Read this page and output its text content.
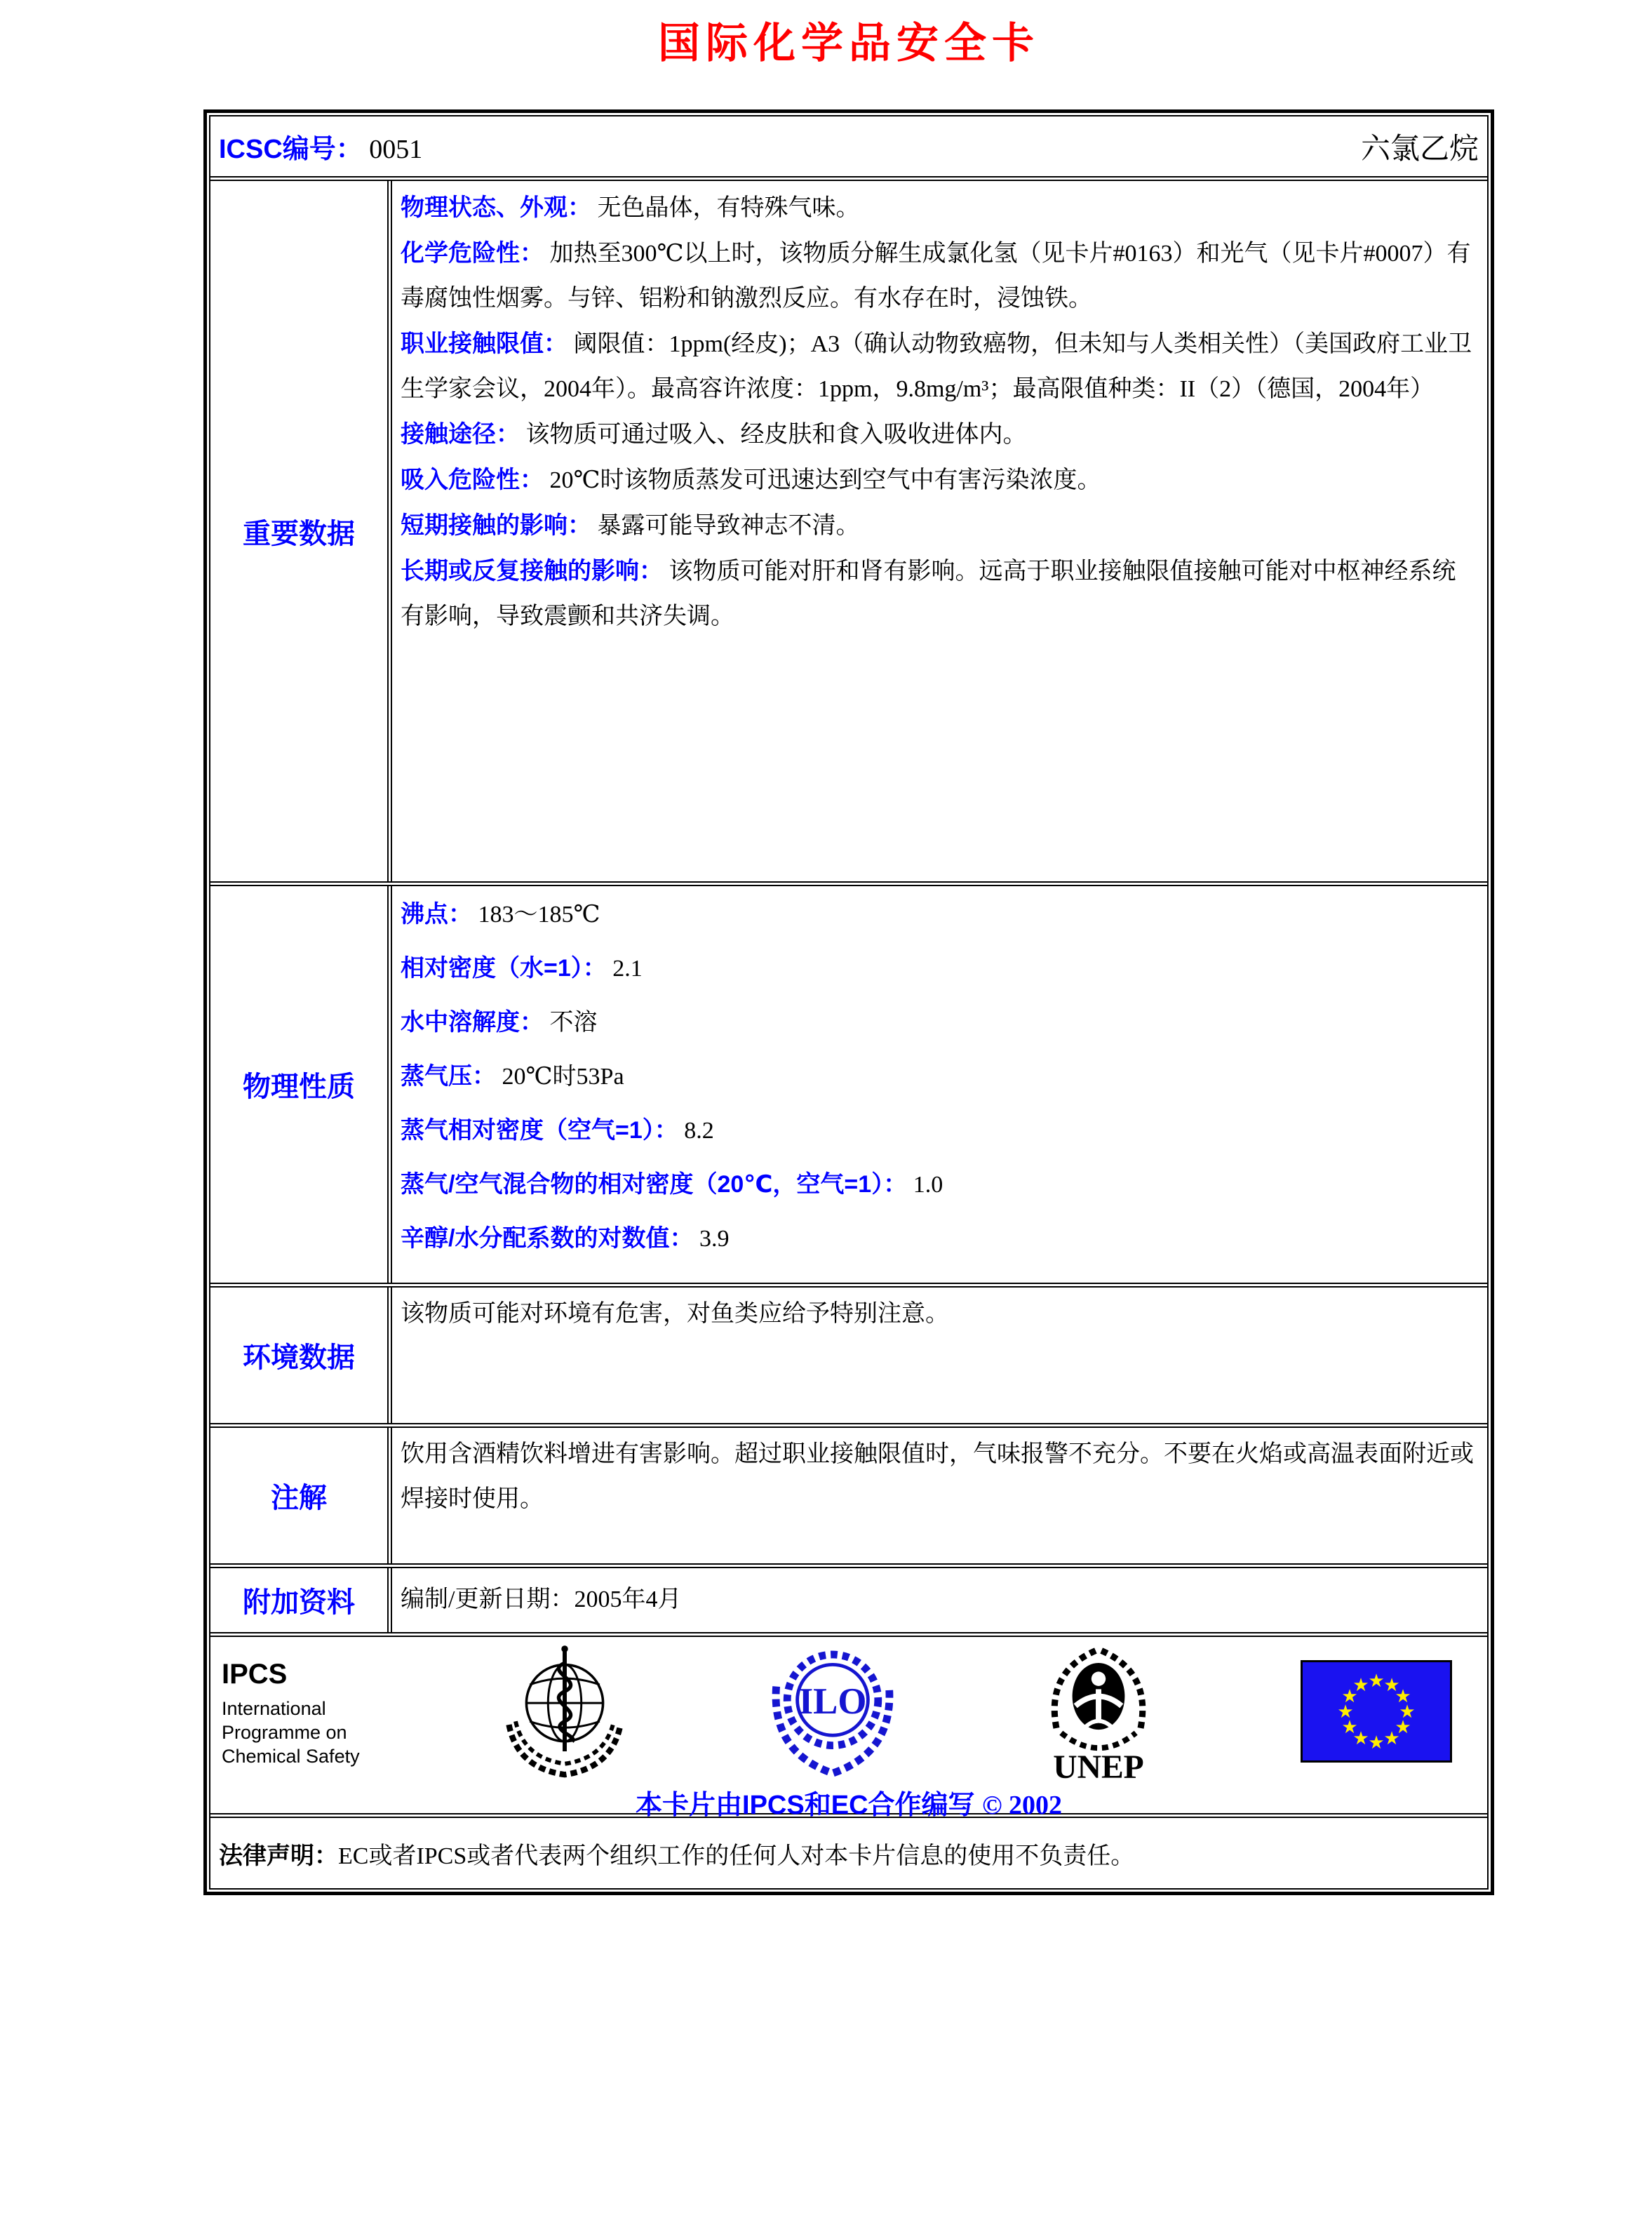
国际化学品安全卡
ICSC编号： 0051	六氯乙烷
重要数据

物理状态、外观： 无色晶体，有特殊气味。

化学危险性： 加热至300℃以上时，该物质分解生成氯化氢（见卡片#0163）和光气（见卡片#0007）有毒腐蚀性烟雾。与锌、铝粉和钠激烈反应。有水存在时，浸蚀铁。

职业接触限值： 阈限值：1ppm(经皮)；A3（确认动物致癌物，但未知与人类相关性）（美国政府工业卫生学家会议，2004年）。最高容许浓度：1ppm，9.8mg/m³；最高限值种类：II（2）（德国，2004年）

接触途径： 该物质可通过吸入、经皮肤和食入吸收进体内。

吸入危险性： 20℃时该物质蒸发可迅速达到空气中有害污染浓度。

短期接触的影响： 暴露可能导致神志不清。

长期或反复接触的影响： 该物质可能对肝和肾有影响。远高于职业接触限值接触可能对中枢神经系统有影响，导致震颤和共济失调。

物理性质

沸点： 183～185℃

相对密度（水=1）： 2.1

水中溶解度： 不溶

蒸气压： 20℃时53Pa

蒸气相对密度（空气=1）： 8.2

蒸气/空气混合物的相对密度（20℃，空气=1）： 1.0

辛醇/水分配系数的对数值： 3.9

环境数据

该物质可能对环境有危害，对鱼类应给予特别注意。

注解

饮用含酒精饮料增进有害影响。超过职业接触限值时，气味报警不充分。不要在火焰或高温表面附近或焊接时使用。

附加资料	编制/更新日期：2005年4月

IPCS

International

Programme on

Chemical Safety

ILO
UNEP
★
★
★
★
★
★
★
★
★
★
★
★
本卡片由IPCS和EC合作编写 © 2002
法律声明： EC或者IPCS或者代表两个组织工作的任何人对本卡片信息的使用不负责任。
